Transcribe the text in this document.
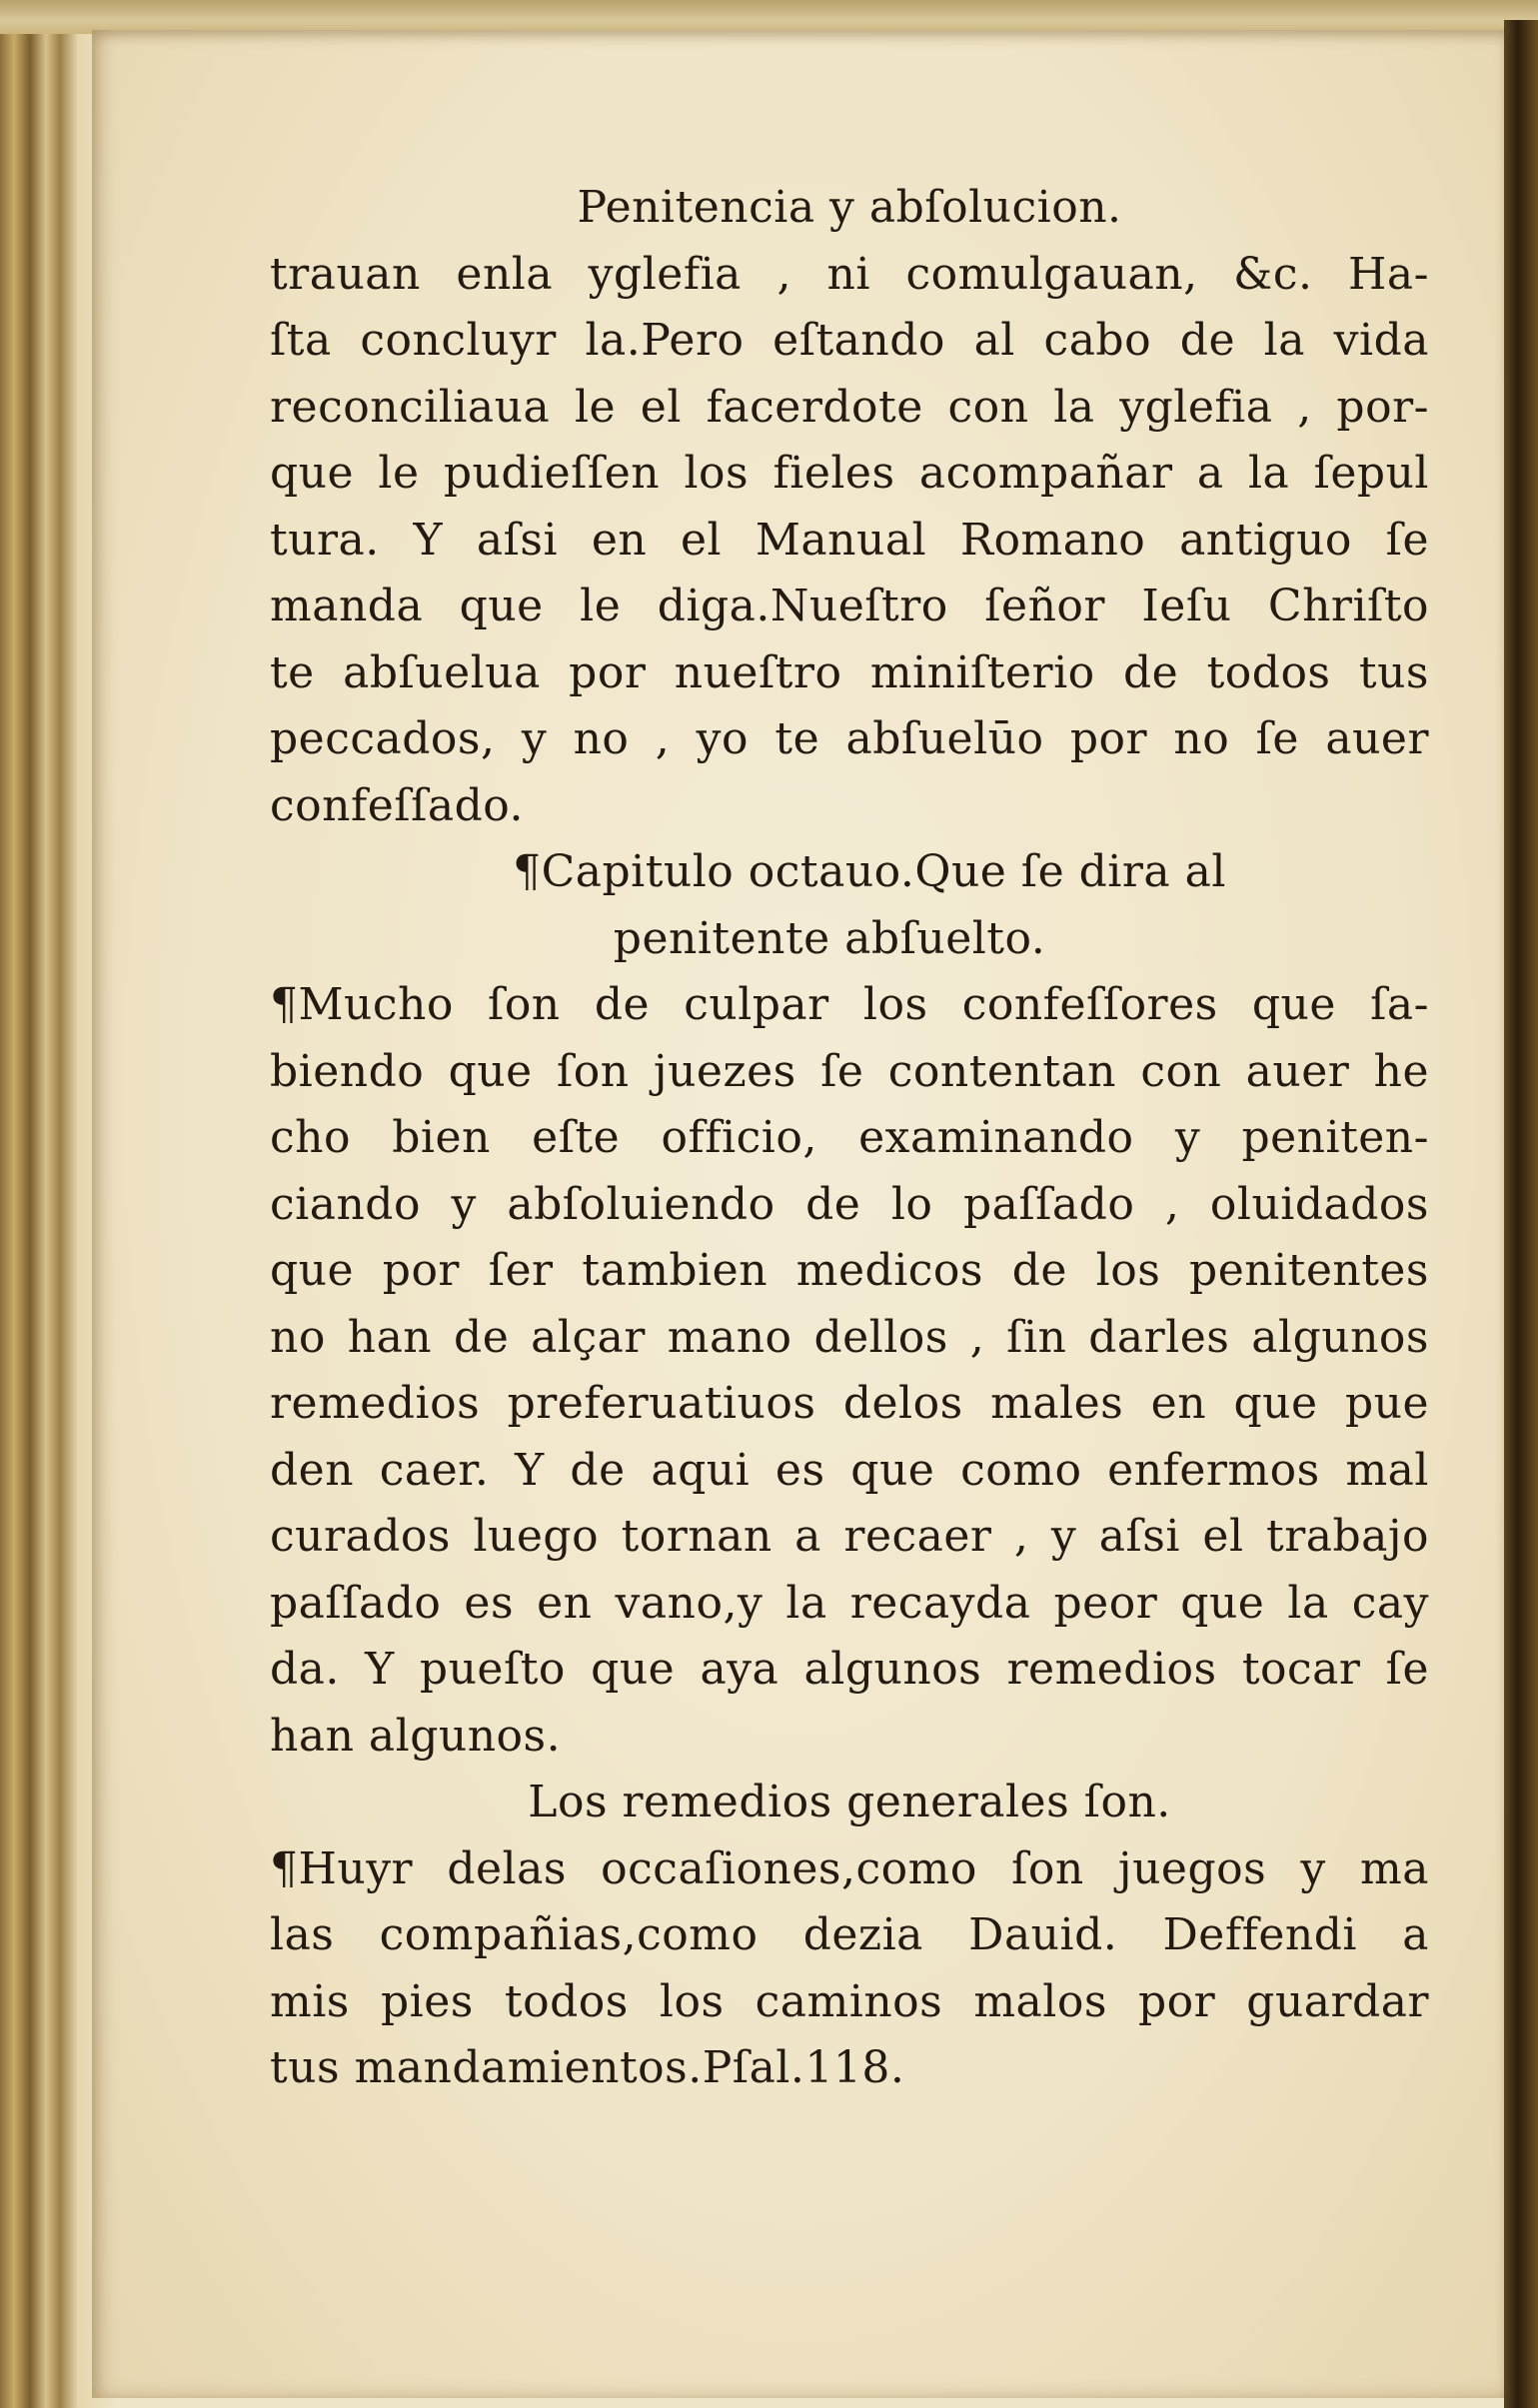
Penitencia y abſolucion.
trauan enla yglefia , ni comulgauan, &c. Ha-
ſta concluyr la.Pero eſtando al cabo de la vida
reconciliaua le el facerdote con la yglefia , por-
que le pudieſſen los fieles acompañar a la ſepul
tura. Y aſsi en el Manual Romano antiguo ſe
manda que le diga.Nueſtro ſeñor Ieſu Chriſto
te abſuelua por nueſtro miniſterio de todos tus
peccados, y no , yo te abſuelūo por no ſe auer
confeſſado.
¶Capitulo octauo.Que ſe dira al
penitente abſuelto.
¶Mucho ſon de culpar los confeſſores que ſa-
biendo que ſon juezes ſe contentan con auer he
cho bien eſte officio, examinando y peniten-
ciando y abſoluiendo de lo paſſado , oluidados
que por ſer tambien medicos de los penitentes
no han de alçar mano dellos , ſin darles algunos
remedios preferuatiuos delos males en que pue
den caer. Y de aqui es que como enfermos mal
curados luego tornan a recaer , y aſsi el trabajo
paſſado es en vano,y la recayda peor que la cay
da. Y pueſto que aya algunos remedios tocar ſe
han algunos.
Los remedios generales ſon.
¶Huyr delas occaſiones,como ſon juegos y ma
las compañias,como dezia Dauid. Deffendi a
mis pies todos los caminos malos por guardar
tus mandamientos.Pſal.118.
